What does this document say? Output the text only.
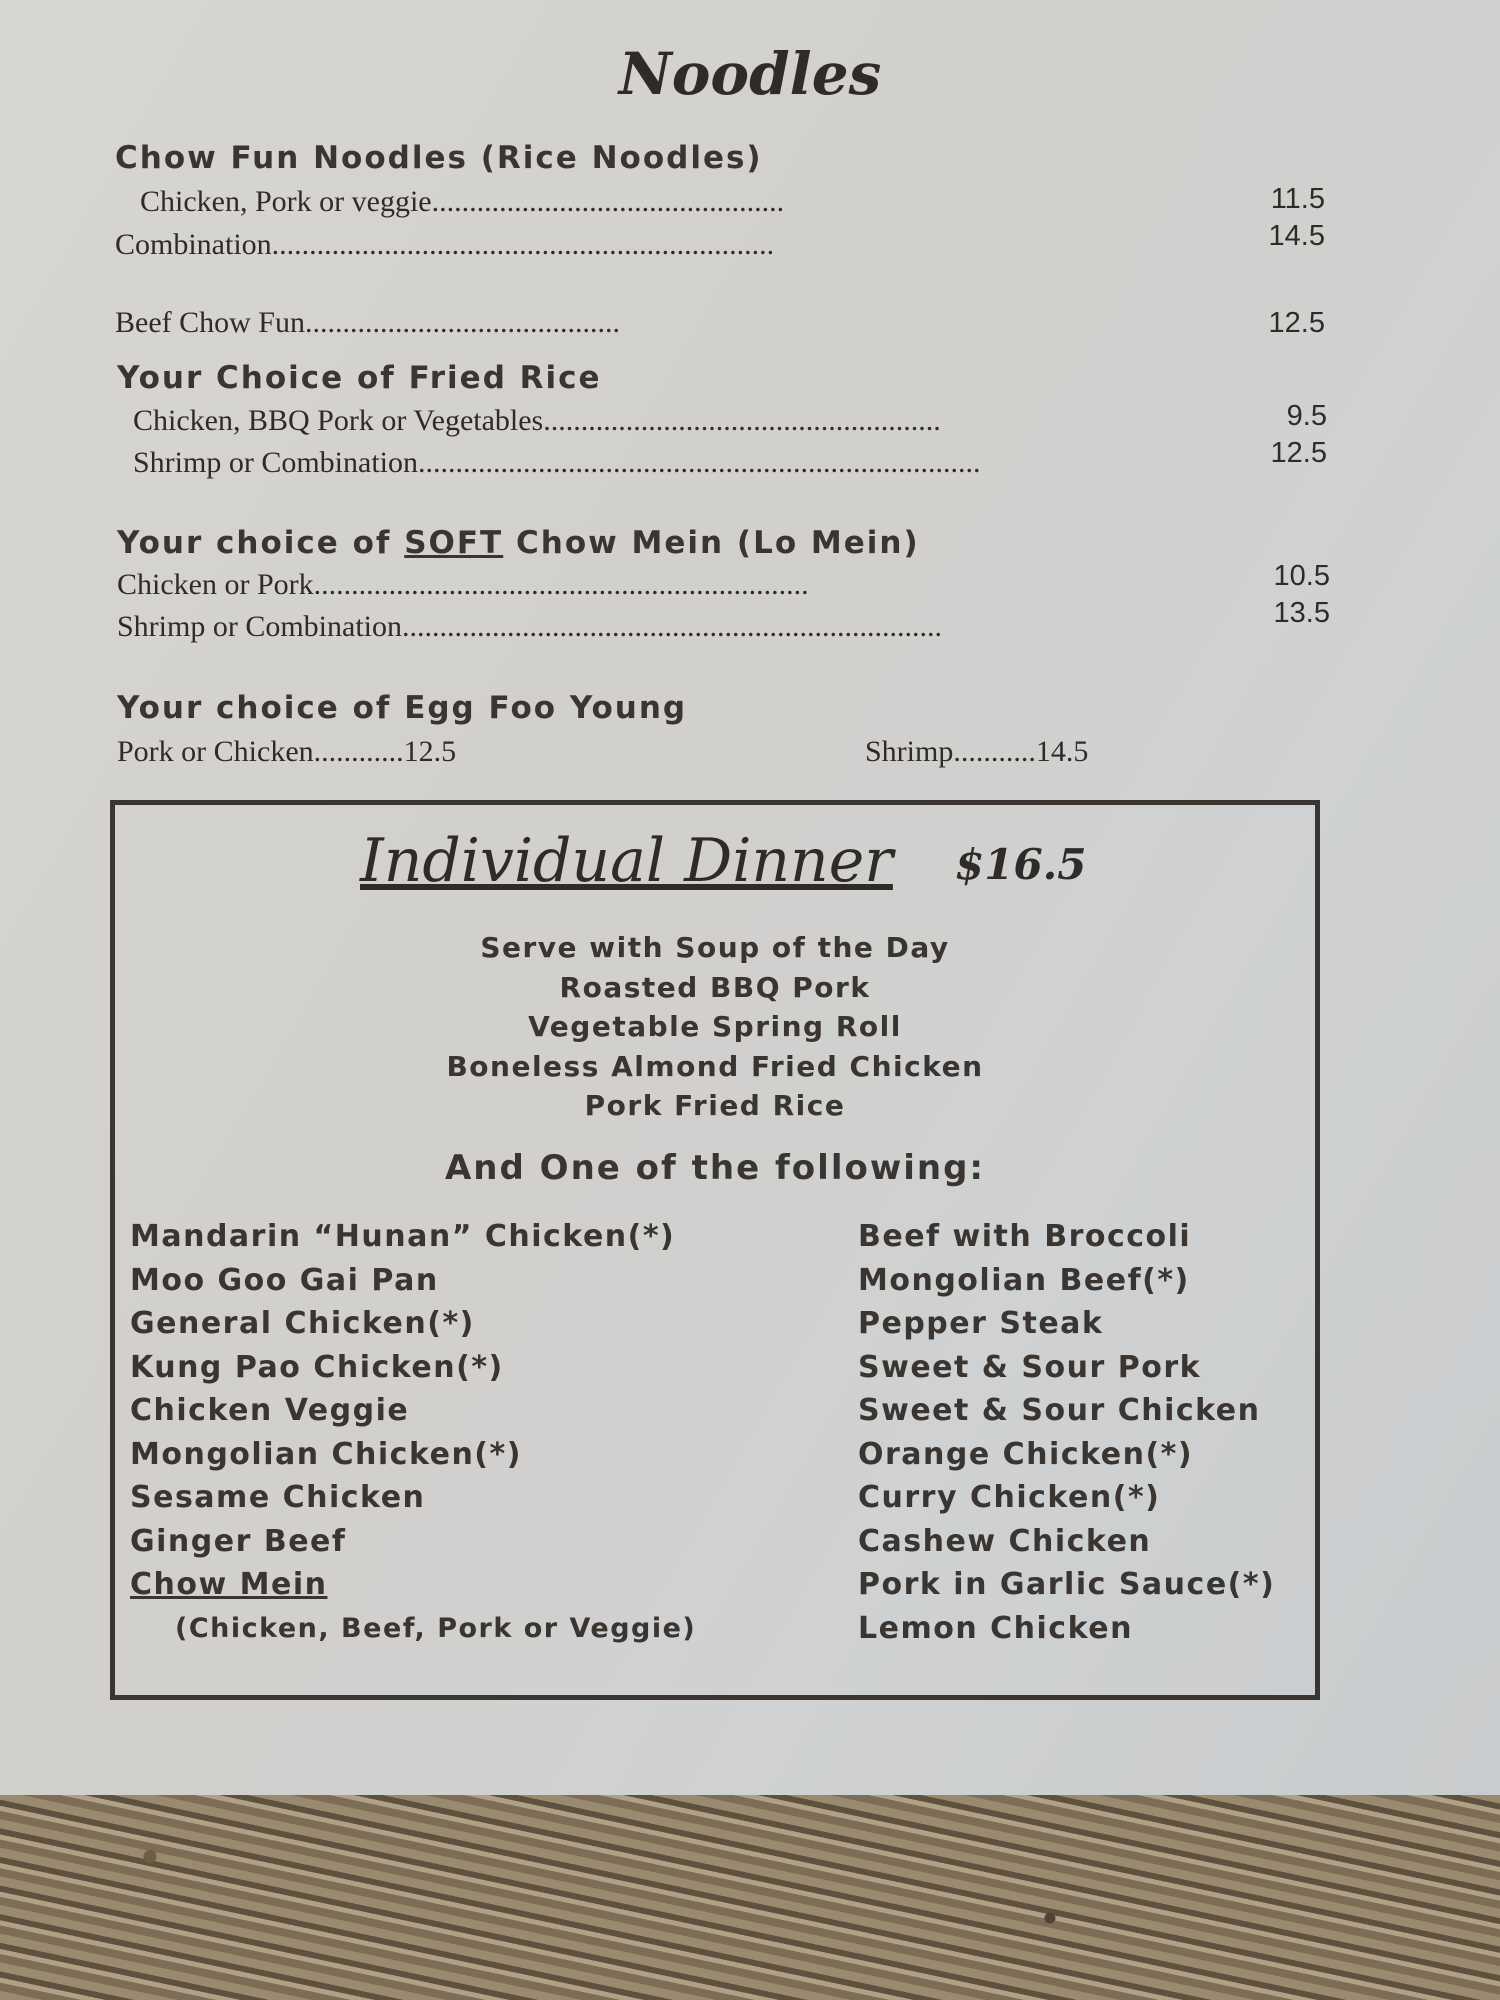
Noodles
Chow Fun Noodles (Rice Noodles)
Chicken, Pork or veggie...............................................	11.5
Combination...................................................................	14.5
Beef Chow Fun..........................................	12.5
Your Choice of Fried Rice
Chicken, BBQ Pork or Vegetables.....................................................	9.5
Shrimp or Combination...........................................................................	12.5
Your choice of SOFT Chow Mein (Lo Mein)
Chicken or Pork..................................................................	10.5
Shrimp or Combination........................................................................	13.5
Your choice of Egg Foo Young
Pork or Chicken............12.5	Shrimp...........14.5
Individual Dinner $16.5
Serve with Soup of the Day
Roasted BBQ Pork
Vegetable Spring Roll
Boneless Almond Fried Chicken
Pork Fried Rice
And One of the following:
Mandarin “Hunan” Chicken(*)
Moo Goo Gai Pan
General Chicken(*)
Kung Pao Chicken(*)
Chicken Veggie
Mongolian Chicken(*)
Sesame Chicken
Ginger Beef
Chow Mein
(Chicken, Beef, Pork or Veggie)
Beef with Broccoli
Mongolian Beef(*)
Pepper Steak
Sweet & Sour Pork
Sweet & Sour Chicken
Orange Chicken(*)
Curry Chicken(*)
Cashew Chicken
Pork in Garlic Sauce(*)
Lemon Chicken
